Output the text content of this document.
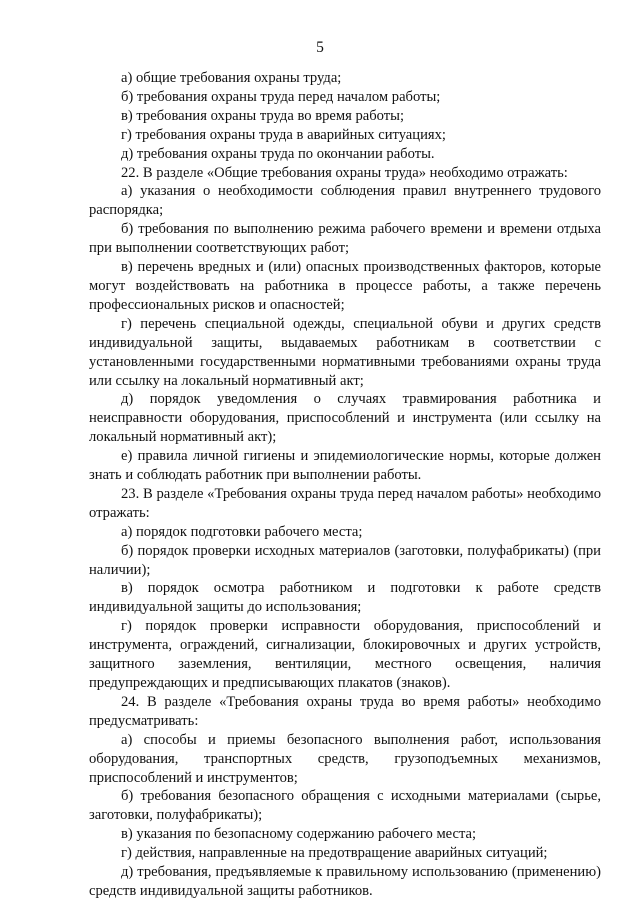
5

а) общие требования охраны труда;

б) требования охраны труда перед началом работы;

в) требования охраны труда во время работы;

г) требования охраны труда в аварийных ситуациях;

д) требования охраны труда по окончании работы.

22. В разделе «Общие требования охраны труда» необходимо отражать:

а) указания о необходимости соблюдения правил внутреннего трудового распорядка;

б) требования по выполнению режима рабочего времени и времени отдыха при выполнении соответствующих работ;

в) перечень вредных и (или) опасных производственных факторов, которые могут воздействовать на работника в процессе работы, а также перечень профессиональных рисков и опасностей;

г) перечень специальной одежды, специальной обуви и других средств индивидуальной защиты, выдаваемых работникам в соответствии с установленными государственными нормативными требованиями охраны труда или ссылку на локальный нормативный акт;

д) порядок уведомления о случаях травмирования работника и неисправности оборудования, приспособлений и инструмента (или ссылку на локальный нормативный акт);

е) правила личной гигиены и эпидемиологические нормы, которые должен знать и соблюдать работник при выполнении работы.

23. В разделе «Требования охраны труда перед началом работы» необходимо отражать:

а) порядок подготовки рабочего места;

б) порядок проверки исходных материалов (заготовки, полуфабрикаты) (при наличии);

в) порядок осмотра работником и подготовки к работе средств индивидуальной защиты до использования;

г) порядок проверки исправности оборудования, приспособлений и инструмента, ограждений, сигнализации, блокировочных и других устройств, защитного заземления, вентиляции, местного освещения, наличия предупреждающих и предписывающих плакатов (знаков).

24. В разделе «Требования охраны труда во время работы» необходимо предусматривать:

а) способы и приемы безопасного выполнения работ, использования оборудования, транспортных средств, грузоподъемных механизмов, приспособлений и инструментов;

б) требования безопасного обращения с исходными материалами (сырье, заготовки, полуфабрикаты);

в) указания по безопасному содержанию рабочего места;

г) действия, направленные на предотвращение аварийных ситуаций;

д) требования, предъявляемые к правильному использованию (применению) средств индивидуальной защиты работников.
